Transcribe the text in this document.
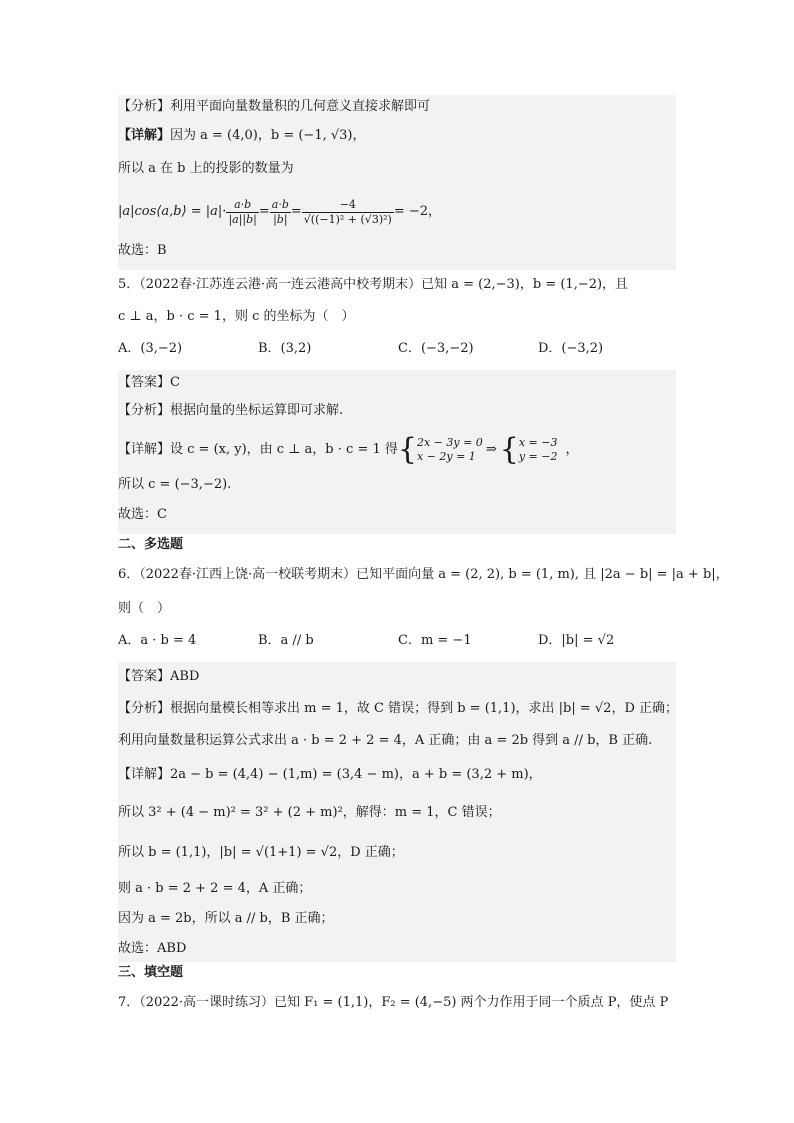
【分析】利用平面向量数量积的几何意义直接求解即可
【详解】因为 a = (4,0)，b = (−1, √3)，
所以 a 在 b 上的投影的数量为
|a|cos⟨a,b⟩ = $|a|\cdot \frac{a\cdot b}{|a||b|} = \frac{a\cdot b}{|b|} = \frac{-4}{\text{√((−1)² + (√3)²)}} = -2$，
故选：B
5．（2022春·江苏连云港·高一连云港高中校考期末）已知 a = (2,−3)，b = (1,−2)，且
c ⊥ a，b · c = 1，则 c 的坐标为（　）
A．(3,−2)	B．(3,2)	C．(−3,−2)	D．(−3,2)
【答案】C
【分析】根据向量的坐标运算即可求解.
【详解】设 c = (x, y)，由 c ⊥ a，b · c = 1 得 { 2x − 3y = 0
x − 2y = 1 ⇒ { x = −3
y = −2 ，
所以 c = (−3,−2).
故选：C
二、多选题
6．（2022春·江西上饶·高一校联考期末）已知平面向量 a = (2, 2), b = (1, m), 且 |2a − b| = |a + b|，
则（　）
A．a · b = 4	B．a // b	C．m = −1	D．|b| = √2
【答案】ABD
【分析】根据向量模长相等求出 m = 1，故 C 错误；得到 b = (1,1)，求出 |b| = √2，D 正确；
利用向量数量积运算公式求出 a · b = 2 + 2 = 4，A 正确；由 a = 2b 得到 a // b，B 正确.
【详解】2a − b = (4,4) − (1,m) = (3,4 − m)，a + b = (3,2 + m)，
所以 3² + (4 − m)² = 3² + (2 + m)²，解得：m = 1，C 错误；
所以 b = (1,1)，|b| = √(1+1) = √2，D 正确；
则 a · b = 2 + 2 = 4，A 正确；
因为 a = 2b，所以 a // b，B 正确；
故选：ABD
三、填空题
7．（2022·高一课时练习）已知 F₁ = (1,1)，F₂ = (4,−5) 两个力作用于同一个质点 P，使点 P
